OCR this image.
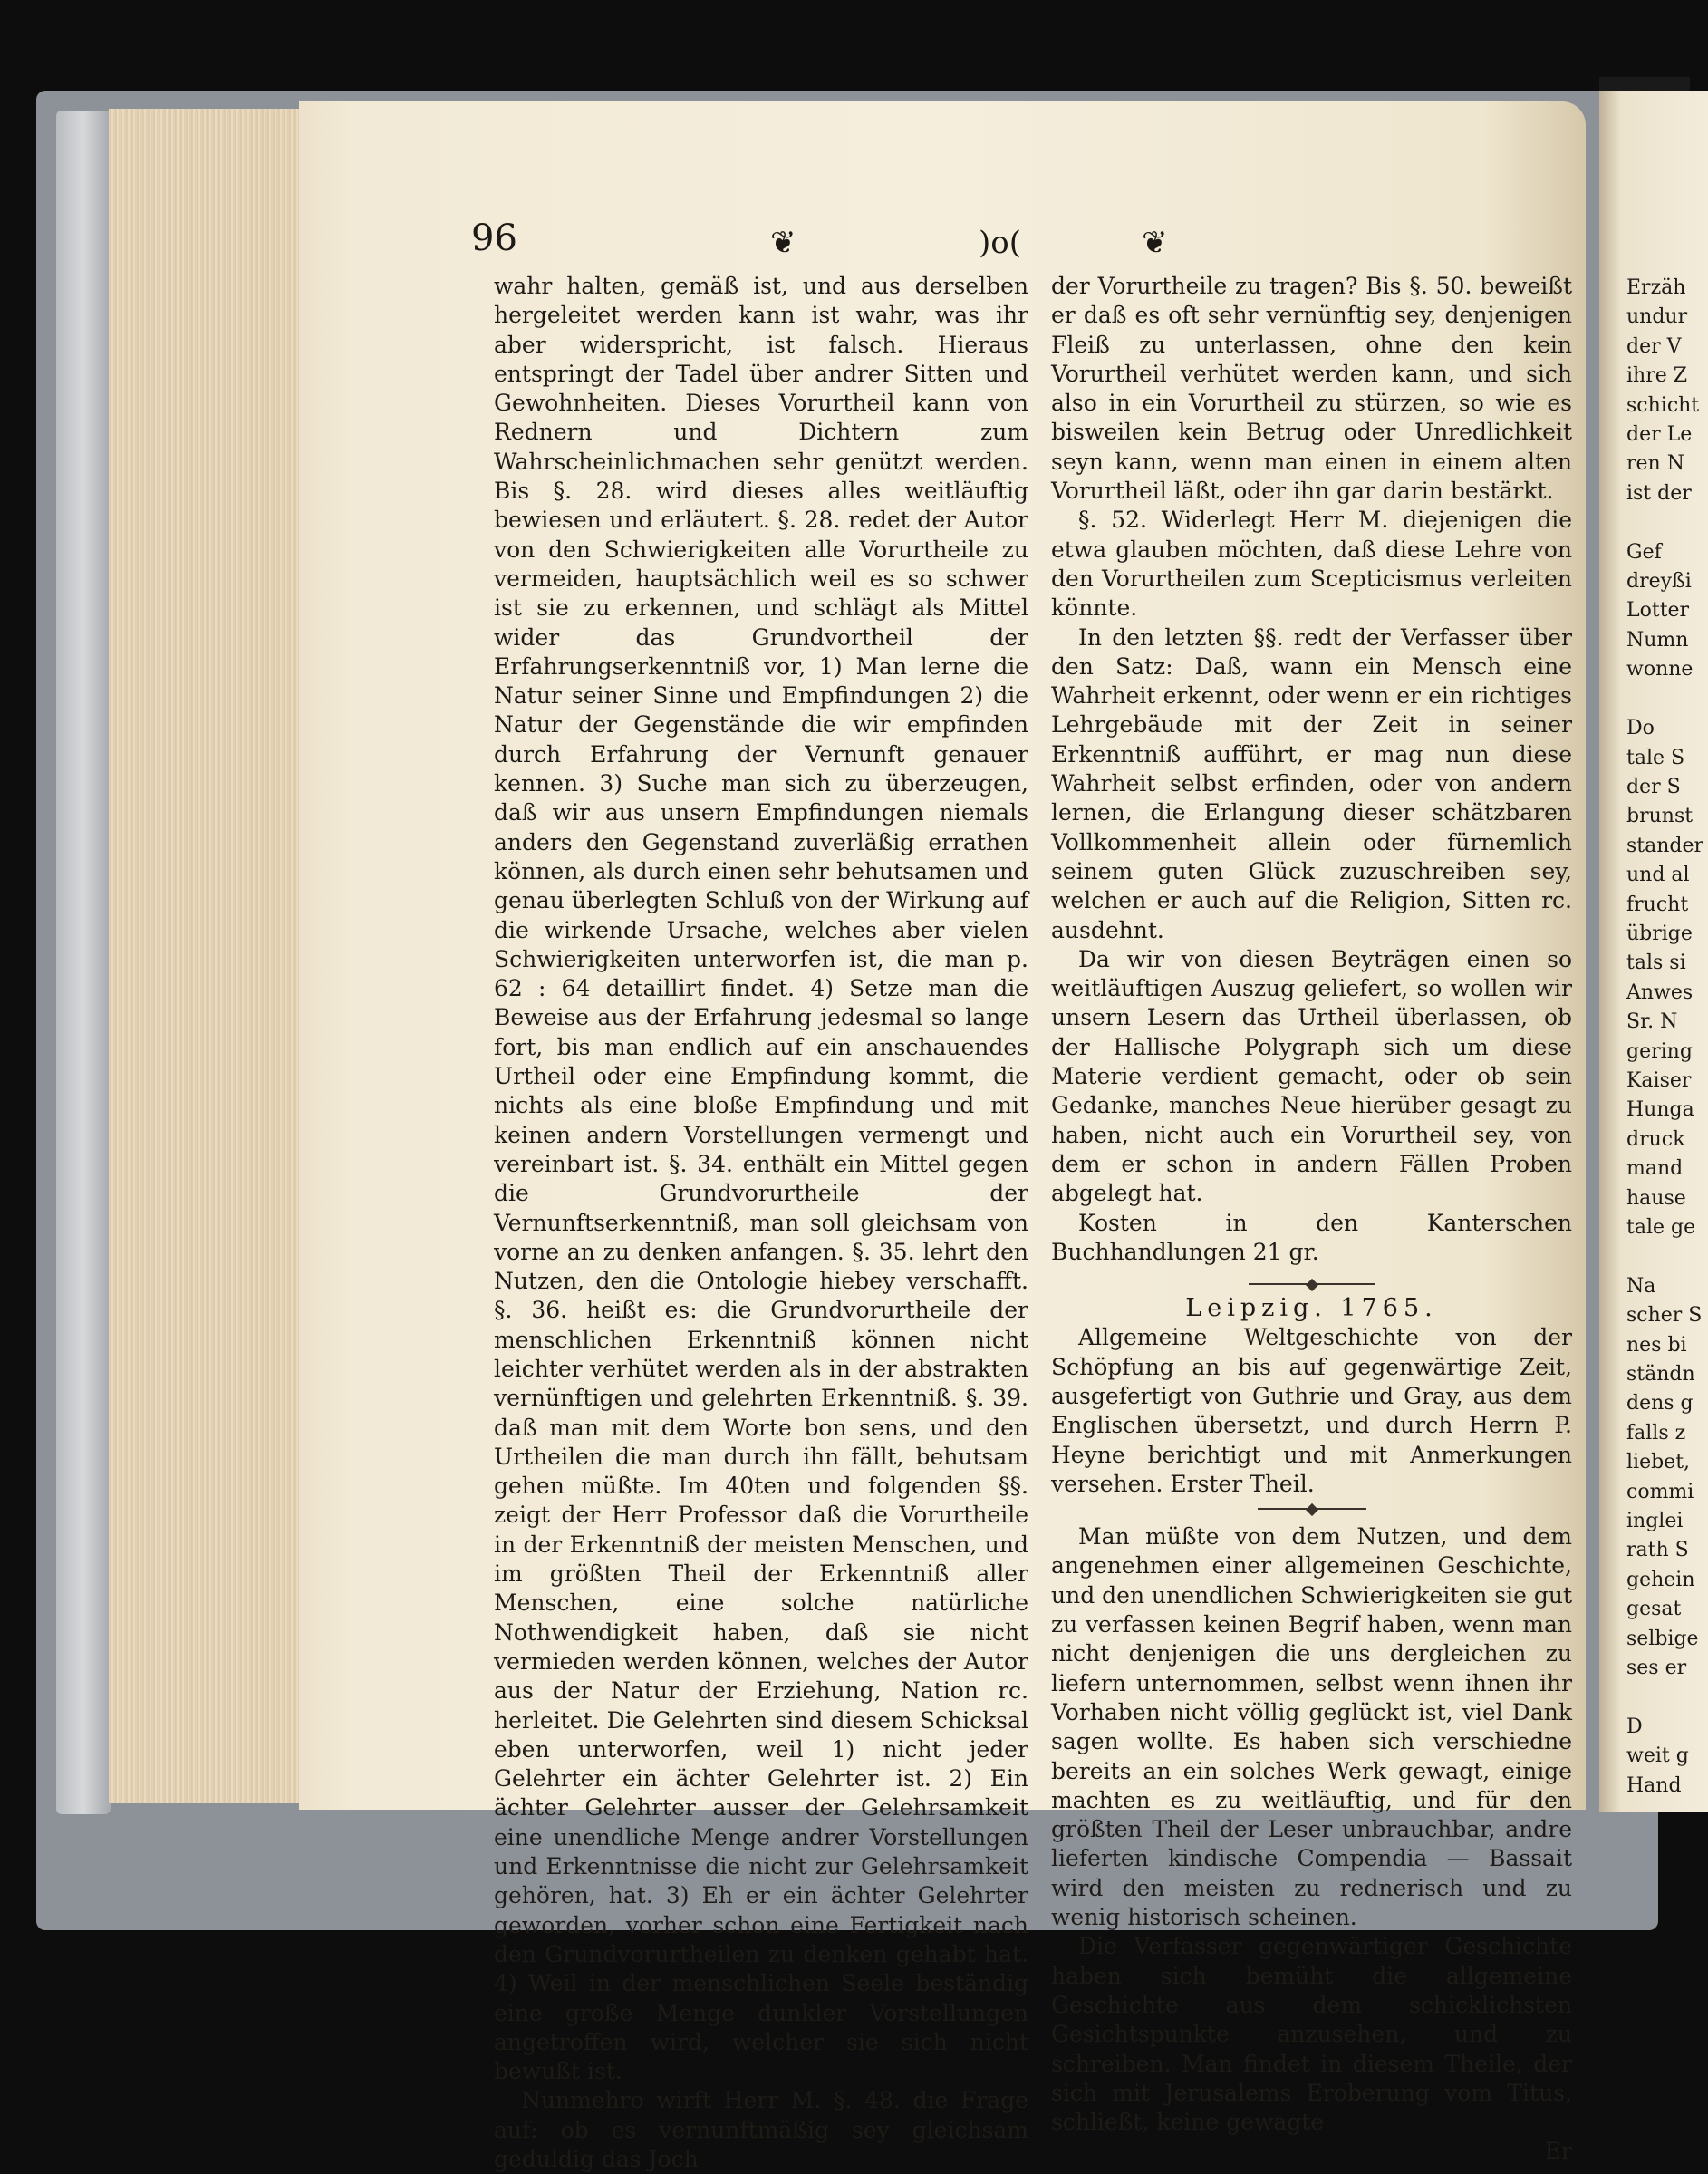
96	❦	)o(	❦

wahr halten, gemäß ist, und aus derselben hergeleitet werden kann ist wahr, was ihr aber widerspricht, ist falsch. Hieraus entspringt der Tadel über andrer Sitten und Gewohnheiten. Dieses Vorurtheil kann von Rednern und Dichtern zum Wahrscheinlichmachen sehr genützt werden. Bis §. 28. wird dieses alles weitläuftig bewiesen und erläutert. §. 28. redet der Autor von den Schwierigkeiten alle Vorurtheile zu vermeiden, hauptsächlich weil es so schwer ist sie zu erkennen, und schlägt als Mittel wider das Grundvortheil der Erfahrungserkenntniß vor, 1) Man lerne die Natur seiner Sinne und Empfindungen 2) die Natur der Gegenstände die wir empfinden durch Erfahrung der Vernunft genauer kennen. 3) Suche man sich zu überzeugen, daß wir aus unsern Empfindungen niemals anders den Gegenstand zuverläßig errathen können, als durch einen sehr behutsamen und genau überlegten Schluß von der Wirkung auf die wirkende Ursache, welches aber vielen Schwierigkeiten unterworfen ist, die man p. 62 : 64 detaillirt findet. 4) Setze man die Beweise aus der Erfahrung jedesmal so lange fort, bis man endlich auf ein anschauendes Urtheil oder eine Empfindung kommt, die nichts als eine bloße Empfindung und mit keinen andern Vorstellungen vermengt und vereinbart ist. §. 34. enthält ein Mittel gegen die Grundvorurtheile der Vernunftserkenntniß, man soll gleichsam von vorne an zu denken anfangen. §. 35. lehrt den Nutzen, den die Ontologie hiebey verschafft. §. 36. heißt es: die Grundvorurtheile der menschlichen Erkenntniß können nicht leichter verhütet werden als in der abstrakten vernünftigen und gelehrten Erkenntniß. §. 39. daß man mit dem Worte bon sens, und den Urtheilen die man durch ihn fällt, behutsam gehen müßte. Im 40ten und folgenden §§. zeigt der Herr Professor daß die Vorurtheile in der Erkenntniß der meisten Menschen, und im größten Theil der Erkenntniß aller Menschen, eine solche natürliche Nothwendigkeit haben, daß sie nicht vermieden werden können, welches der Autor aus der Natur der Erziehung, Nation rc. herleitet. Die Gelehrten sind diesem Schicksal eben unterworfen, weil 1) nicht jeder Gelehrter ein ächter Gelehrter ist. 2) Ein ächter Gelehrter ausser der Gelehrsamkeit eine unendliche Menge andrer Vorstellungen und Erkenntnisse die nicht zur Gelehrsamkeit gehören, hat. 3) Eh er ein ächter Gelehrter geworden, vorher schon eine Fertigkeit nach den Grundvorurtheilen zu denken gehabt hat. 4) Weil in der menschlichen Seele beständig eine große Menge dunkler Vorstellungen angetroffen wird, welcher sie sich nicht bewußt ist.

Nunmehro wirft Herr M. §. 48. die Frage auf: ob es vernunftmäßig sey gleichsam geduldig das Joch

der Vorurtheile zu tragen? Bis §. 50. beweißt er daß es oft sehr vernünftig sey, denjenigen Fleiß zu unterlassen, ohne den kein Vorurtheil verhütet werden kann, und sich also in ein Vorurtheil zu stürzen, so wie es bisweilen kein Betrug oder Unredlichkeit seyn kann, wenn man einen in einem alten Vorurtheil läßt, oder ihn gar darin bestärkt.

§. 52. Widerlegt Herr M. diejenigen die etwa glauben möchten, daß diese Lehre von den Vorurtheilen zum Scepticismus verleiten könnte.

In den letzten §§. redt der Verfasser über den Satz: Daß, wann ein Mensch eine Wahrheit erkennt, oder wenn er ein richtiges Lehrgebäude mit der Zeit in seiner Erkenntniß aufführt, er mag nun diese Wahrheit selbst erfinden, oder von andern lernen, die Erlangung dieser schätzbaren Vollkommenheit allein oder fürnemlich seinem guten Glück zuzuschreiben sey, welchen er auch auf die Religion, Sitten rc. ausdehnt.

Da wir von diesen Beyträgen einen so weitläuftigen Auszug geliefert, so wollen wir unsern Lesern das Urtheil überlassen, ob der Hallische Polygraph sich um diese Materie verdient gemacht, oder ob sein Gedanke, manches Neue hierüber gesagt zu haben, nicht auch ein Vorurtheil sey, von dem er schon in andern Fällen Proben abgelegt hat.

Kosten in den Kanterschen Buchhandlungen 21 gr.

Leipzig. 1765.

Allgemeine Weltgeschichte von der Schöpfung an bis auf gegenwärtige Zeit, ausgefertigt von Guthrie und Gray, aus dem Englischen übersetzt, und durch Herrn P. Heyne berichtigt und mit Anmerkungen versehen. Erster Theil.

Man müßte von dem Nutzen, und dem angenehmen einer allgemeinen Geschichte, und den unendlichen Schwierigkeiten sie gut zu verfassen keinen Begrif haben, wenn man nicht denjenigen die uns dergleichen zu liefern unternommen, selbst wenn ihnen ihr Vorhaben nicht völlig geglückt ist, viel Dank sagen wollte. Es haben sich verschiedne bereits an ein solches Werk gewagt, einige machten es zu weitläuftig, und für den größten Theil der Leser unbrauchbar, andre lieferten kindische Compendia — Bassait wird den meisten zu rednerisch und zu wenig historisch scheinen.

Die Verfasser gegenwärtiger Geschichte haben sich bemüht die allgemeine Geschichte aus dem schicklichsten Gesichtspunkte anzusehen, und zu schreiben. Man findet in diesem Theile, der sich mit Jerusalems Eroberung vom Titus, schließt, keine gewagte

Er

Erzäh
undur
der V
ihre Z
schicht
der Le
ren N
ist der

Gef
dreyßi
Lotter
Numn
wonne

Do
tale S
der S
brunst
stander
und al
frucht
übrige
tals si
Anwes
Sr. N
gering
Kaiser
Hunga
druck
mand
hause
tale ge

Na
scher S
nes bi
ständn
dens g
falls z
liebet,
commi
inglei
rath S
gehein
gesat
selbige
ses er

D
weit g
Hand
